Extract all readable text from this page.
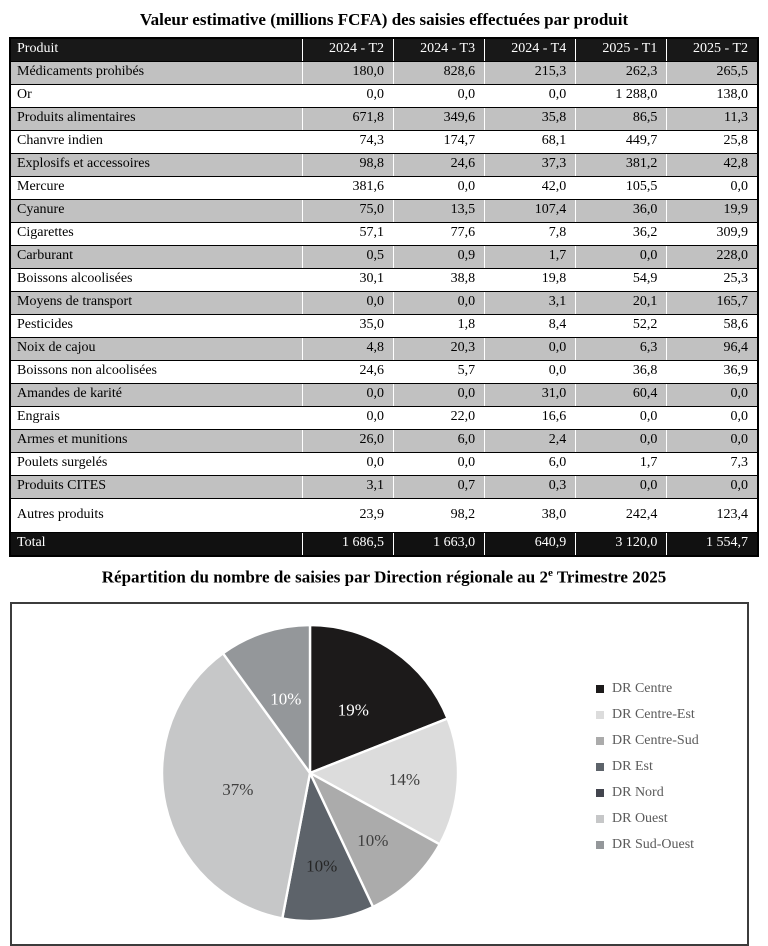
Valeur estimative (millions FCFA) des saisies effectuées par produit
Produit	2024 - T2	2024 - T3	2024 - T4	2025 - T1	2025 - T2
Médicaments prohibés	180,0	828,6	215,3	262,3	265,5
Or	0,0	0,0	0,0	1 288,0	138,0
Produits alimentaires	671,8	349,6	35,8	86,5	11,3
Chanvre indien	74,3	174,7	68,1	449,7	25,8
Explosifs et accessoires	98,8	24,6	37,3	381,2	42,8
Mercure	381,6	0,0	42,0	105,5	0,0
Cyanure	75,0	13,5	107,4	36,0	19,9
Cigarettes	57,1	77,6	7,8	36,2	309,9
Carburant	0,5	0,9	1,7	0,0	228,0
Boissons alcoolisées	30,1	38,8	19,8	54,9	25,3
Moyens de transport	0,0	0,0	3,1	20,1	165,7
Pesticides	35,0	1,8	8,4	52,2	58,6
Noix de cajou	4,8	20,3	0,0	6,3	96,4
Boissons non alcoolisées	24,6	5,7	0,0	36,8	36,9
Amandes de karité	0,0	0,0	31,0	60,4	0,0
Engrais	0,0	22,0	16,6	0,0	0,0
Armes et munitions	26,0	6,0	2,4	0,0	0,0
Poulets surgelés	0,0	0,0	6,0	1,7	7,3
Produits CITES	3,1	0,7	0,3	0,0	0,0
Autres produits	23,9	98,2	38,0	242,4	123,4
Total	1 686,5	1 663,0	640,9	3 120,0	1 554,7
Répartition du nombre de saisies par Direction régionale au 2e Trimestre 2025
19%
14%
10%
10%
37%
10%
DR Centre
DR Centre-Est
DR Centre-Sud
DR Est
DR Nord
DR Ouest
DR Sud-Ouest
